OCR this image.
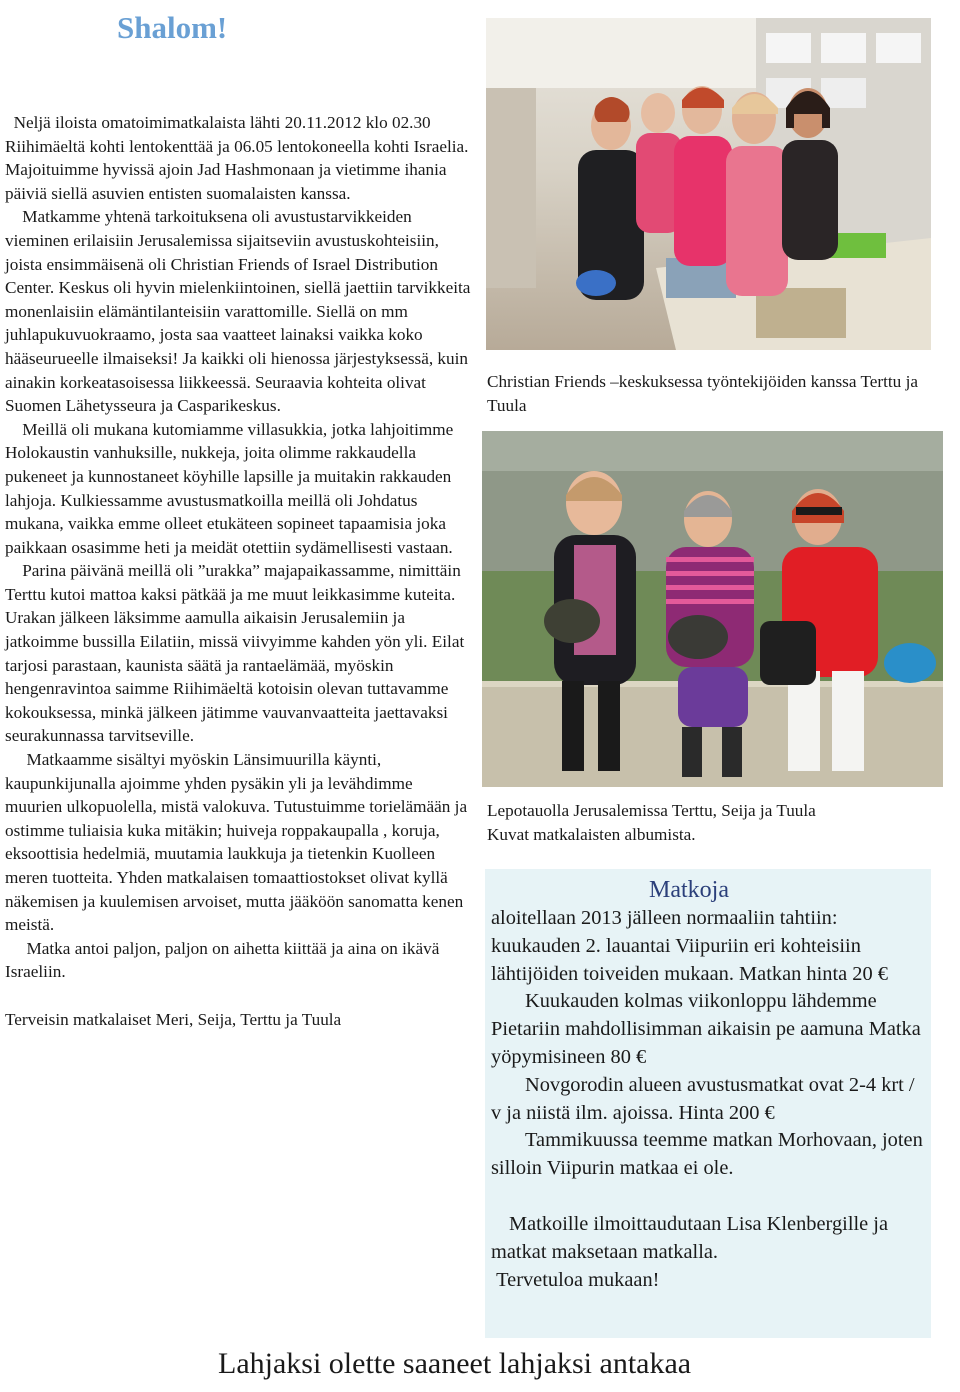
Shalom!

Neljä iloista omatoimimatkalaista lähti 20.11.2012 klo 02.30 Riihimäeltä kohti lentokenttää ja 06.05 lentokoneella kohti Israelia. Majoituimme hyvissä ajoin Jad Hashmonaan ja vietimme ihania päiviä siellä asuvien entisten suomalaisten kanssa.

Matkamme yhtenä tarkoituksena oli avustustarvikkeiden vieminen erilaisiin Jerusalemissa sijaitseviin avustuskohteisiin, joista ensimmäisenä oli Christian Friends of Israel Distribution Center. Keskus oli hyvin mielenkiintoinen, siellä jaettiin tarvikkeita monenlaisiin elämäntilanteisiin varattomille. Siellä on mm juhlapukuvuokraamo, josta saa vaatteet lainaksi vaikka koko hääseurueelle ilmaiseksi! Ja kaikki oli hienossa järjestyksessä, kuin ainakin korkeatasoisessa liikkeessä. Seuraavia kohteita olivat Suomen Lähetysseura ja Casparikeskus.

Meillä oli mukana kutomiamme villasukkia, jotka lahjoitimme Holokaustin vanhuksille, nukkeja, joita olimme rakkaudella pukeneet ja kunnostaneet köyhille lapsille ja muitakin rakkauden  lahjoja. Kulkiessamme avustusmatkoilla meillä oli Johdatus mukana, vaikka emme olleet etukäteen sopineet tapaamisia joka paikkaan osasimme heti ja meidät otettiin sydämellisesti vastaan.

Parina päivänä meillä oli ”urakka” majapaikassamme, nimittäin Terttu kutoi mattoa kaksi pätkää ja me muut leikkasimme kuteita. Urakan jälkeen läksimme aamulla aikaisin Jerusalemiin ja jatkoimme bussilla Eilatiin, missä viivyimme kahden yön yli. Eilat tarjosi parastaan, kaunista säätä ja rantaelämää, myöskin hengenravintoa saimme Riihimäeltä kotoisin olevan tuttavamme kokouksessa, minkä jälkeen jätimme vauvanvaatteita jaettavaksi  seurakunnassa tarvitseville.

Matkaamme sisältyi myöskin Länsimuurilla käynti, kaupunkijunalla ajoimme yhden pysäkin yli ja levähdimme muurien ulkopuolella, mistä valokuva. Tutustuimme torielämään ja ostimme tuliaisia kuka mitäkin; huiveja roppakaupalla , koruja, eksoottisia hedelmiä, muutamia laukkuja ja tietenkin Kuolleen meren tuotteita. Yhden matkalaisen tomaattiostokset olivat kyllä näkemisen ja kuulemisen arvoiset, mutta jääköön sanomatta kenen meistä.

Matka antoi paljon, paljon on aihetta kiittää ja aina on ikävä Israeliin.

Terveisin matkalaiset Meri, Seija, Terttu ja Tuula

Christian Friends –keskuksessa työntekijöiden kanssa Terttu ja Tuula
Lepotauolla Jerusalemissa Terttu, Seija ja Tuula
Kuvat matkalaisten albumista.
Matkoja

aloitellaan 2013 jälleen normaaliin tahtiin: kuukauden 2. lauantai Viipuriin eri kohteisiin lähtijöiden toiveiden mukaan. Matkan hinta 20 €

Kuukauden kolmas viikonloppu lähdemme Pietariin mahdollisimman aikaisin pe aamuna Matka yöpymisineen 80 €

Novgorodin alueen avustusmatkat ovat 2-4 krt / v ja niistä ilm. ajoissa. Hinta 200 €

Tammikuussa teemme matkan Morhovaan, joten silloin Viipurin matkaa ei ole.

Matkoille ilmoittaudutaan Lisa Klenbergille ja matkat maksetaan matkalla.

Tervetuloa mukaan!

Lahjaksi olette saaneet lahjaksi antakaa
